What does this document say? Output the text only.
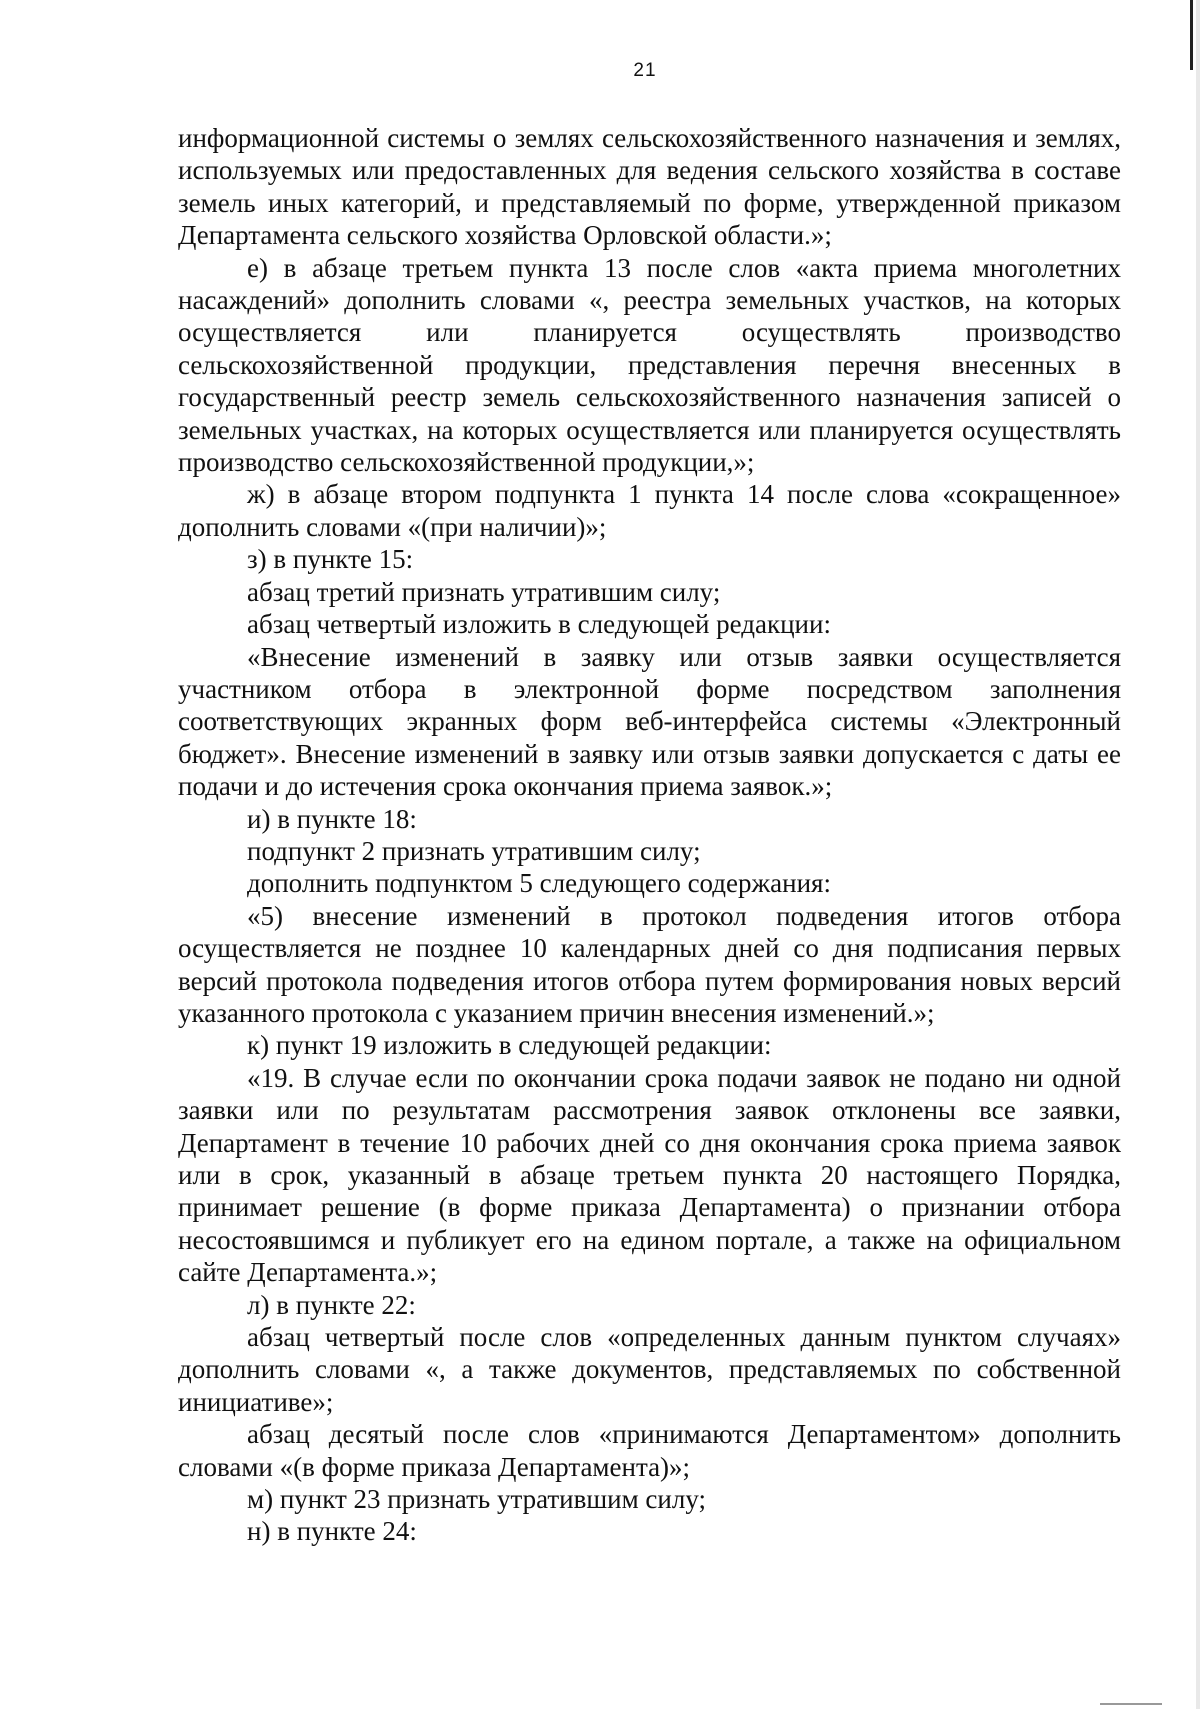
21

информационной системы о землях сельскохозяйственного назначения и землях, используемых или предоставленных для ведения сельского хозяйства в составе земель иных категорий, и представляемый по форме, утвержденной приказом Департамента сельского хозяйства Орловской области.»;

е) в абзаце третьем пункта 13 после слов «акта приема многолетних насаждений» дополнить словами «, реестра земельных участков, на которых осуществляется или планируется осуществлять производство сельскохозяйственной продукции, представления перечня внесенных в государственный реестр земель сельскохозяйственного назначения записей о земельных участках, на которых осуществляется или планируется осуществлять производство сельскохозяйственной продукции,»;

ж) в абзаце втором подпункта 1 пункта 14 после слова «сокращенное» дополнить словами «(при наличии)»;

з) в пункте 15:

абзац третий признать утратившим силу;

абзац четвертый изложить в следующей редакции:

«Внесение изменений в заявку или отзыв заявки осуществляется участником отбора в электронной форме посредством заполнения соответствующих экранных форм веб-интерфейса системы «Электронный бюджет». Внесение изменений в заявку или отзыв заявки допускается с даты ее подачи и до истечения срока окончания приема заявок.»;

и) в пункте 18:

подпункт 2 признать утратившим силу;

дополнить подпунктом 5 следующего содержания:

«5) внесение изменений в протокол подведения итогов отбора осуществляется не позднее 10 календарных дней со дня подписания первых версий протокола подведения итогов отбора путем формирования новых версий указанного протокола с указанием причин внесения изменений.»;

к) пункт 19 изложить в следующей редакции:

«19. В случае если по окончании срока подачи заявок не подано ни одной заявки или по результатам рассмотрения заявок отклонены все заявки, Департамент в течение 10 рабочих дней со дня окончания срока приема заявок или в срок, указанный в абзаце третьем пункта 20 настоящего Порядка, принимает решение (в форме приказа Департамента) о признании отбора несостоявшимся и публикует его на едином портале, а также на официальном сайте Департамента.»;

л) в пункте 22:

абзац четвертый после слов «определенных данным пунктом случаях» дополнить словами «, а также документов, представляемых по собственной инициативе»;

абзац десятый после слов «принимаются Департаментом» дополнить словами «(в форме приказа Департамента)»;

м) пункт 23 признать утратившим силу;

н) в пункте 24:
